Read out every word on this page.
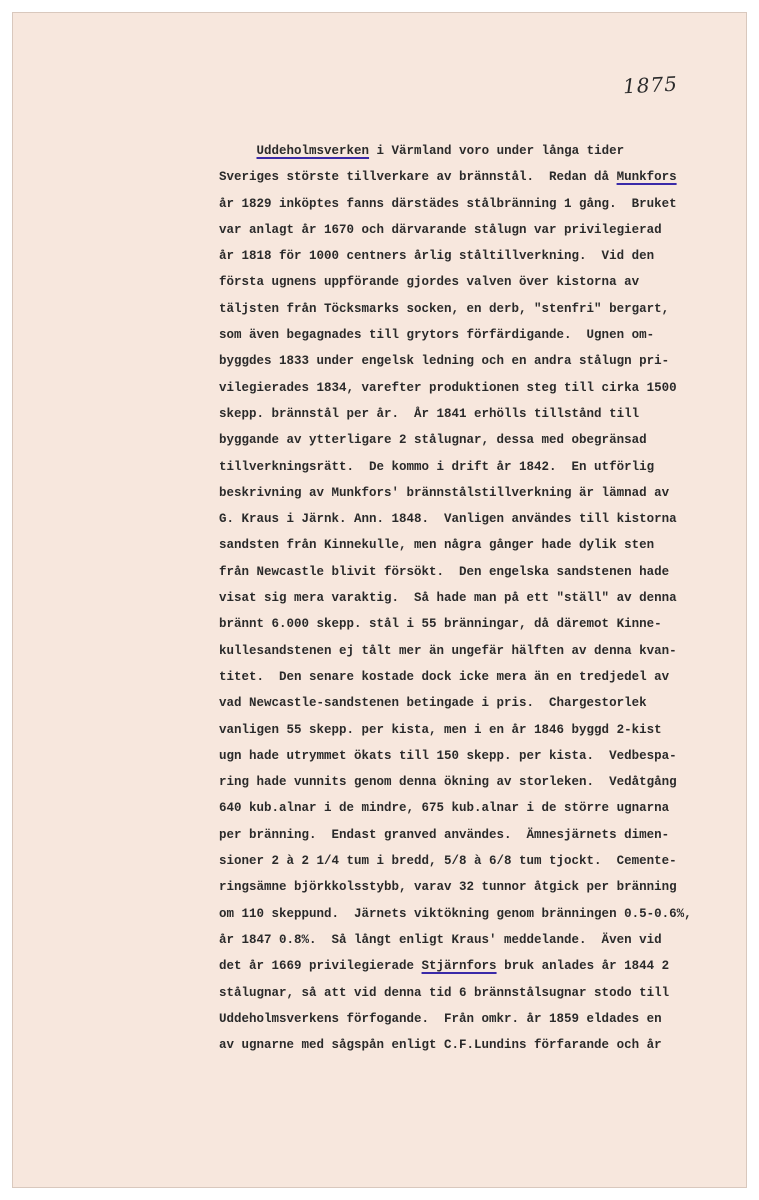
1875
Uddeholmsverken i Värmland voro under långa tider
Sveriges störste tillverkare av brännstål.  Redan då Munkfors
år 1829 inköptes fanns därstädes stålbränning 1 gång.  Bruket
var anlagt år 1670 och därvarande stålugn var privilegierad
år 1818 för 1000 centners årlig ståltillverkning.  Vid den
första ugnens uppförande gjordes valven över kistorna av
täljsten från Töcksmarks socken, en derb, "stenfri" bergart,
som även begagnades till grytors förfärdigande.  Ugnen om-
byggdes 1833 under engelsk ledning och en andra stålugn pri-
vilegierades 1834, varefter produktionen steg till cirka 1500
skepp. brännstål per år.  År 1841 erhölls tillstånd till
byggande av ytterligare 2 stålugnar, dessa med obegränsad
tillverkningsrätt.  De kommo i drift år 1842.  En utförlig
beskrivning av Munkfors' brännstålstillverkning är lämnad av
G. Kraus i Järnk. Ann. 1848.  Vanligen användes till kistorna
sandsten från Kinnekulle, men några gånger hade dylik sten
från Newcastle blivit försökt.  Den engelska sandstenen hade
visat sig mera varaktig.  Så hade man på ett "ställ" av denna
brännt 6.000 skepp. stål i 55 bränningar, då däremot Kinne-
kullesandstenen ej tålt mer än ungefär hälften av denna kvan-
titet.  Den senare kostade dock icke mera än en tredjedel av
vad Newcastle-sandstenen betingade i pris.  Chargestorlek
vanligen 55 skepp. per kista, men i en år 1846 byggd 2-kist
ugn hade utrymmet ökats till 150 skepp. per kista.  Vedbespa-
ring hade vunnits genom denna ökning av storleken.  Vedåtgång
640 kub.alnar i de mindre, 675 kub.alnar i de större ugnarna
per bränning.  Endast granved användes.  Ämnesjärnets dimen-
sioner 2 à 2 1/4 tum i bredd, 5/8 à 6/8 tum tjockt.  Cemente-
ringsämne björkkolsstybb, varav 32 tunnor åtgick per bränning
om 110 skeppund.  Järnets viktökning genom bränningen 0.5-0.6%,
år 1847 0.8%.  Så långt enligt Kraus' meddelande.  Även vid
det år 1669 privilegierade Stjärnfors bruk anlades år 1844 2
stålugnar, så att vid denna tid 6 brännstålsugnar stodo till
Uddeholmsverkens förfogande.  Från omkr. år 1859 eldades en
av ugnarne med sågspån enligt C.F.Lundins förfarande och år
